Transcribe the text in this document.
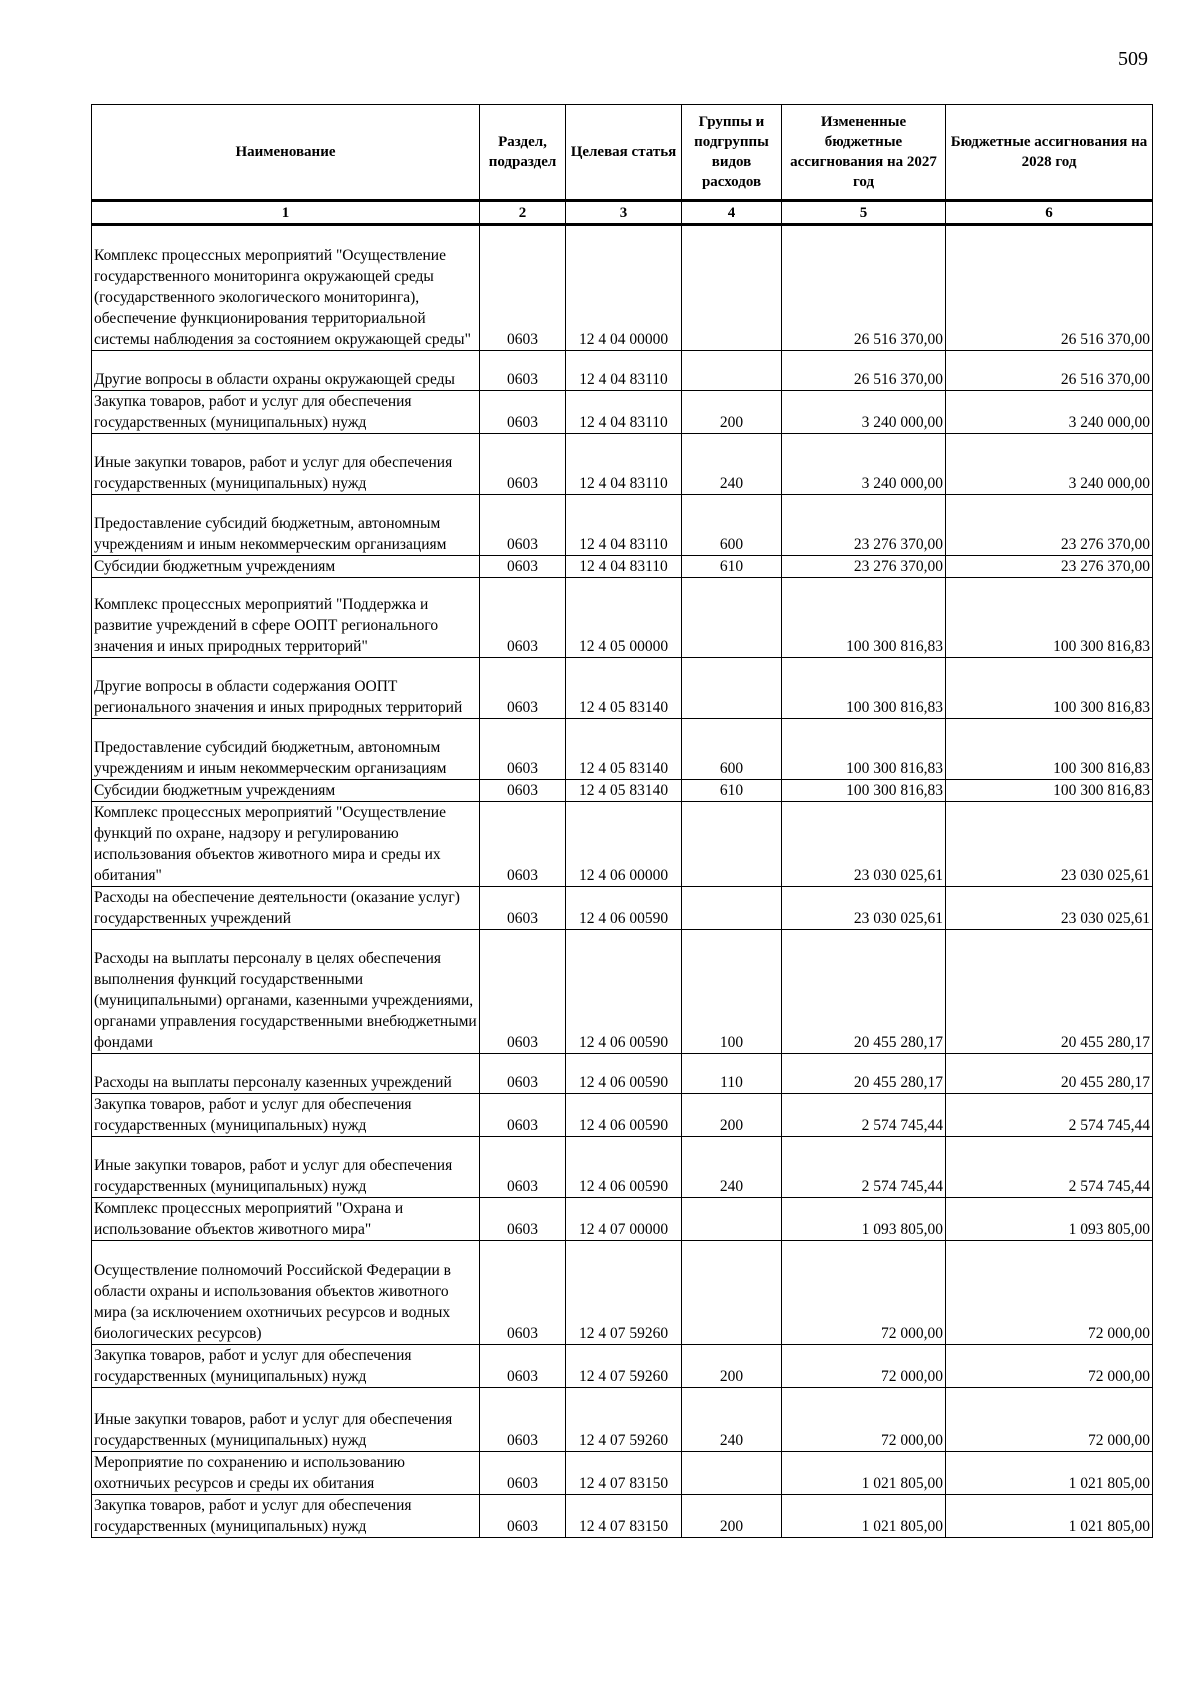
509
Наименование	Раздел, подраздел	Целевая статья	Группы и подгруппы видов расходов	Измененные бюджетные ассигнования на 2027 год	Бюджетные ассигнования на 2028 год
1	2	3	4	5	6
Комплекс процессных мероприятий "Осуществление государственного мониторинга окружающей среды (государственного экологического мониторинга), обеспечение функционирования территориальной системы наблюдения за состоянием окружающей среды"	0603	12 4 04 00000		26 516 370,00	26 516 370,00
Другие вопросы в области охраны окружающей среды	0603	12 4 04 83110		26 516 370,00	26 516 370,00
Закупка товаров, работ и услуг для обеспечения государственных (муниципальных) нужд	0603	12 4 04 83110	200	3 240 000,00	3 240 000,00
Иные закупки товаров, работ и услуг для обеспечения государственных (муниципальных) нужд	0603	12 4 04 83110	240	3 240 000,00	3 240 000,00
Предоставление субсидий бюджетным, автономным учреждениям и иным некоммерческим организациям	0603	12 4 04 83110	600	23 276 370,00	23 276 370,00
Субсидии бюджетным учреждениям	0603	12 4 04 83110	610	23 276 370,00	23 276 370,00
Комплекс процессных мероприятий "Поддержка и развитие учреждений в сфере ООПТ регионального значения и иных природных территорий"	0603	12 4 05 00000		100 300 816,83	100 300 816,83
Другие вопросы в области содержания ООПТ регионального значения и иных природных территорий	0603	12 4 05 83140		100 300 816,83	100 300 816,83
Предоставление субсидий бюджетным, автономным учреждениям и иным некоммерческим организациям	0603	12 4 05 83140	600	100 300 816,83	100 300 816,83
Субсидии бюджетным учреждениям	0603	12 4 05 83140	610	100 300 816,83	100 300 816,83
Комплекс процессных мероприятий "Осуществление функций по охране, надзору и регулированию использования объектов животного мира и среды их обитания"	0603	12 4 06 00000		23 030 025,61	23 030 025,61
Расходы на обеспечение деятельности (оказание услуг) государственных учреждений	0603	12 4 06 00590		23 030 025,61	23 030 025,61
Расходы на выплаты персоналу в целях обеспечения выполнения функций государственными (муниципальными) органами, казенными учреждениями, органами управления государственными внебюджетными фондами	0603	12 4 06 00590	100	20 455 280,17	20 455 280,17
Расходы на выплаты персоналу казенных учреждений	0603	12 4 06 00590	110	20 455 280,17	20 455 280,17
Закупка товаров, работ и услуг для обеспечения государственных (муниципальных) нужд	0603	12 4 06 00590	200	2 574 745,44	2 574 745,44
Иные закупки товаров, работ и услуг для обеспечения государственных (муниципальных) нужд	0603	12 4 06 00590	240	2 574 745,44	2 574 745,44
Комплекс процессных мероприятий "Охрана и использование объектов животного мира"	0603	12 4 07 00000		1 093 805,00	1 093 805,00
Осуществление полномочий Российской Федерации в области охраны и использования объектов животного мира (за исключением охотничьих ресурсов и водных биологических ресурсов)	0603	12 4 07 59260		72 000,00	72 000,00
Закупка товаров, работ и услуг для обеспечения государственных (муниципальных) нужд	0603	12 4 07 59260	200	72 000,00	72 000,00
Иные закупки товаров, работ и услуг для обеспечения государственных (муниципальных) нужд	0603	12 4 07 59260	240	72 000,00	72 000,00
Мероприятие по сохранению и использованию охотничьих ресурсов и среды их обитания	0603	12 4 07 83150		1 021 805,00	1 021 805,00
Закупка товаров, работ и услуг для обеспечения государственных (муниципальных) нужд	0603	12 4 07 83150	200	1 021 805,00	1 021 805,00
